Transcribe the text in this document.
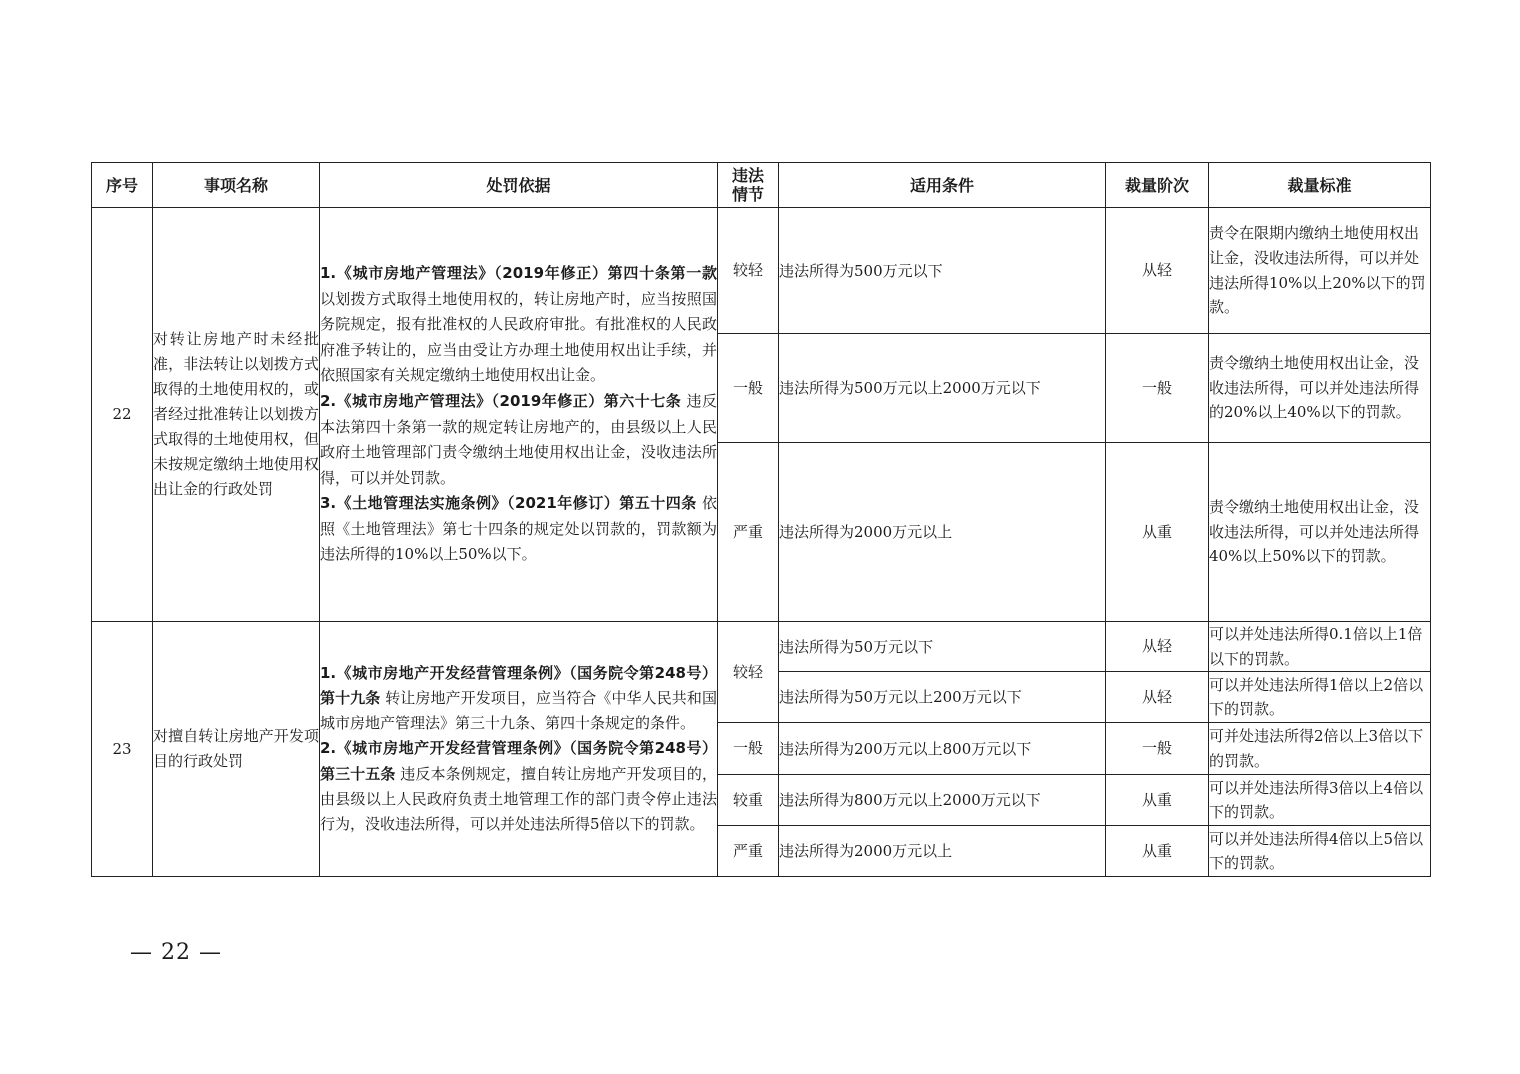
序号	事项名称	处罚依据	违法情节	适用条件	裁量阶次	裁量标准
22	对转让房地产时未经批准，非法转让以划拨方式取得的土地使用权的，或者经过批准转让以划拨方式取得的土地使用权，但未按规定缴纳土地使用权出让金的行政处罚	1.《城市房地产管理法》（2019年修正）第四十条第一款 以划拨方式取得土地使用权的，转让房地产时，应当按照国务院规定，报有批准权的人民政府审批。有批准权的人民政府准予转让的，应当由受让方办理土地使用权出让手续，并依照国家有关规定缴纳土地使用权出让金。
2.《城市房地产管理法》（2019年修正）第六十七条 违反本法第四十条第一款的规定转让房地产的，由县级以上人民政府土地管理部门责令缴纳土地使用权出让金，没收违法所得，可以并处罚款。
3.《土地管理法实施条例》（2021年修订）第五十四条 依照《土地管理法》第七十四条的规定处以罚款的，罚款额为违法所得的10%以上50%以下。	较轻	违法所得为500万元以下	从轻	责令在限期内缴纳土地使用权出让金，没收违法所得，可以并处违法所得10%以上20%以下的罚款。
			一般	违法所得为500万元以上2000万元以下	一般	责令缴纳土地使用权出让金，没收违法所得，可以并处违法所得的20%以上40%以下的罚款。
			严重	违法所得为2000万元以上	从重	责令缴纳土地使用权出让金，没收违法所得，可以并处违法所得40%以上50%以下的罚款。
23	对擅自转让房地产开发项目的行政处罚	1.《城市房地产开发经营管理条例》（国务院令第248号）第十九条 转让房地产开发项目，应当符合《中华人民共和国城市房地产管理法》第三十九条、第四十条规定的条件。
2.《城市房地产开发经营管理条例》（国务院令第248号）第三十五条 违反本条例规定，擅自转让房地产开发项目的，由县级以上人民政府负责土地管理工作的部门责令停止违法行为，没收违法所得，可以并处违法所得5倍以下的罚款。	较轻	违法所得为50万元以下	从轻	可以并处违法所得0.1倍以上1倍以下的罚款。
				违法所得为50万元以上200万元以下	从轻	可以并处违法所得1倍以上2倍以下的罚款。
			一般	违法所得为200万元以上800万元以下	一般	可并处违法所得2倍以上3倍以下的罚款。
			较重	违法所得为800万元以上2000万元以下	从重	可以并处违法所得3倍以上4倍以下的罚款。
			严重	违法所得为2000万元以上	从重	可以并处违法所得4倍以上5倍以下的罚款。
— 22 —
